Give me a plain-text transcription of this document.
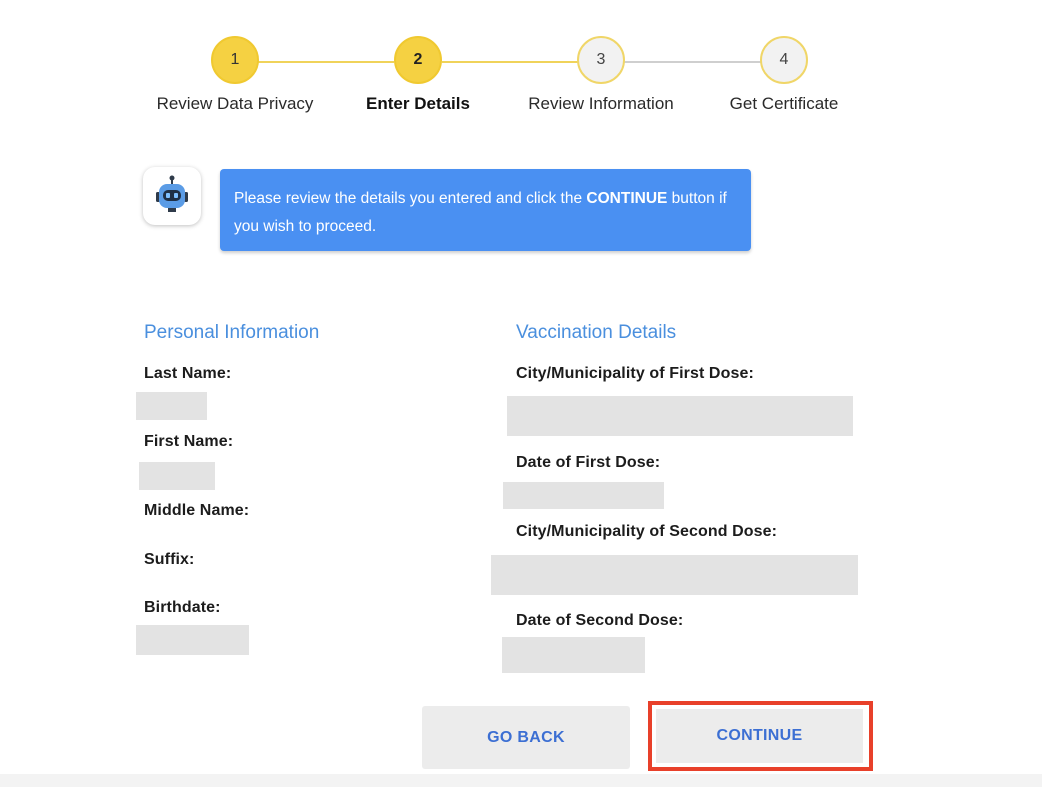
1
Review Data Privacy
2
Enter Details
3
Review Information
4
Get Certificate
Please review the details you entered and click the CONTINUE button if you wish to proceed.
Personal Information
Last Name:
First Name:
Middle Name:
Suffix:
Birthdate:
Vaccination Details
City/Municipality of First Dose:
Date of First Dose:
City/Municipality of Second Dose:
Date of Second Dose:
GO BACK	CONTINUE
